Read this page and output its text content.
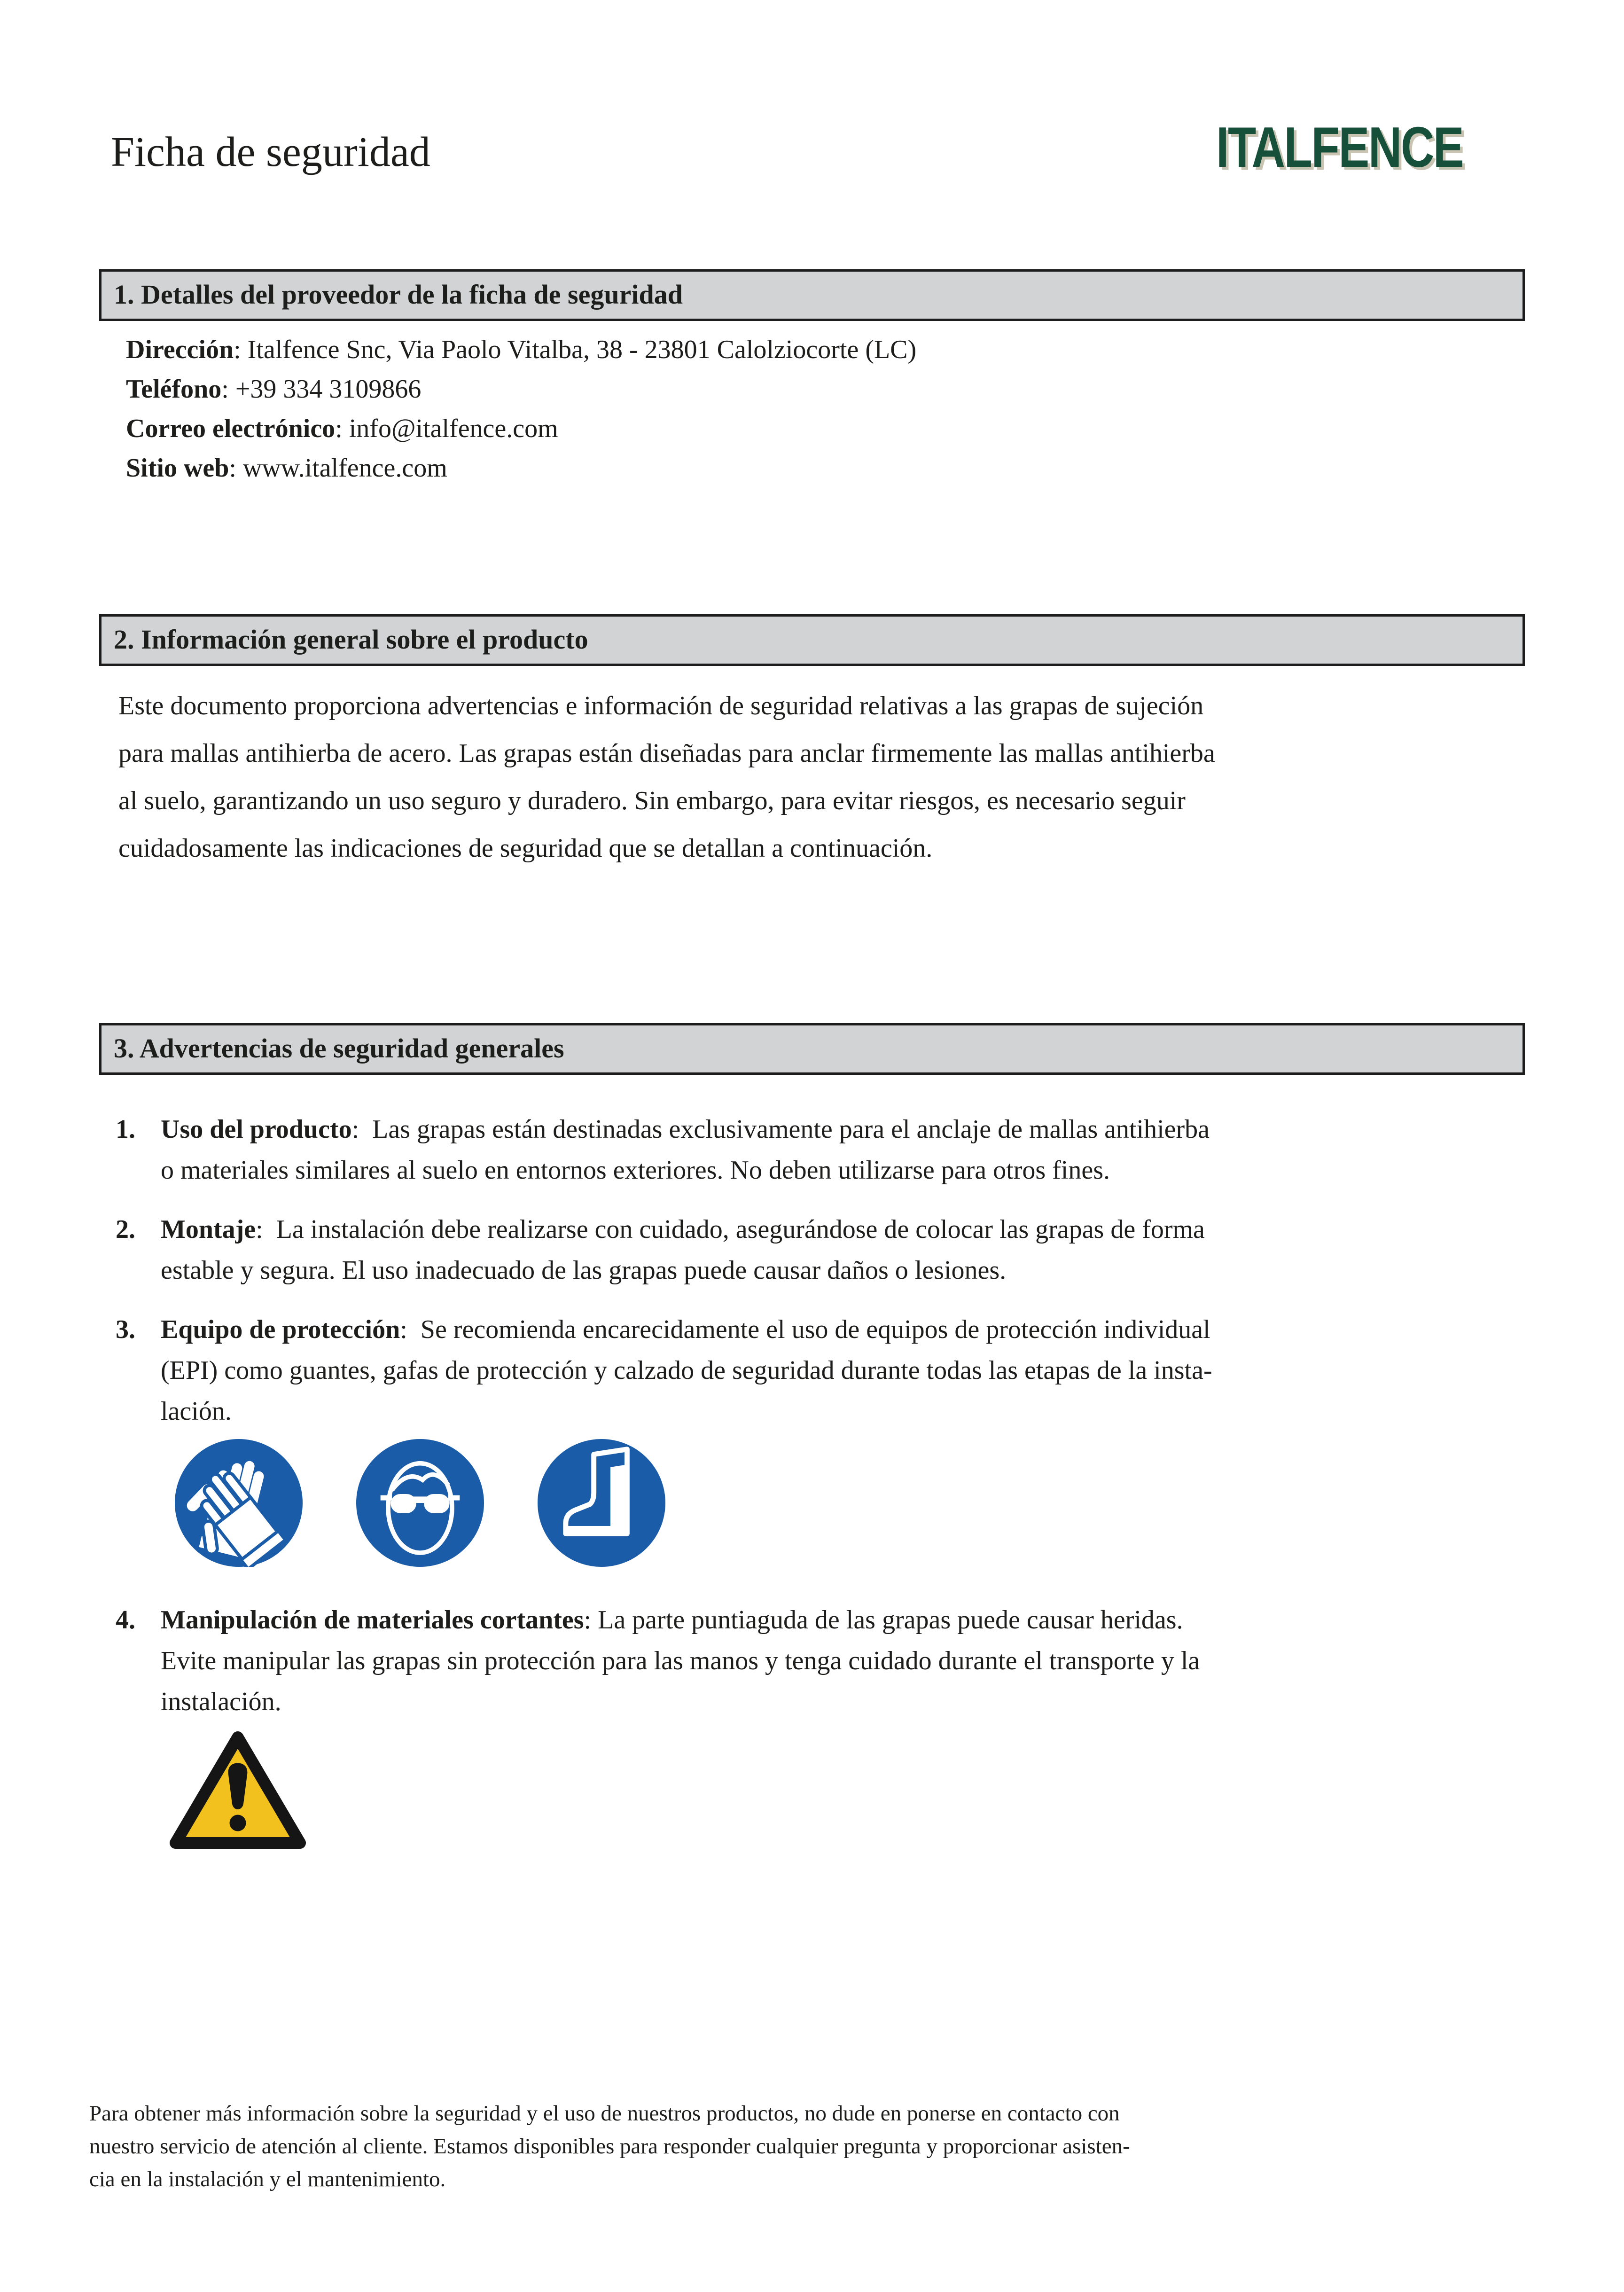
Ficha de seguridad	ITALFENCE
1. Detalles del proveedor de la ficha de seguridad
Dirección: Italfence Snc, Via Paolo Vitalba, 38 - 23801 Calolziocorte (LC)
Teléfono: +39 334 3109866
Correo electrónico: info@italfence.com
Sitio web: www.italfence.com
2. Información general sobre el producto
Este documento proporciona advertencias e información de seguridad relativas a las grapas de sujeción
para mallas antihierba de acero. Las grapas están diseñadas para anclar firmemente las mallas antihierba
al suelo, garantizando un uso seguro y duradero. Sin embargo, para evitar riesgos, es necesario seguir
cuidadosamente las indicaciones de seguridad que se detallan a continuación.
3. Advertencias de seguridad generales
1. Uso del producto:  Las grapas están destinadas exclusivamente para el anclaje de mallas antihierba
o materiales similares al suelo en entornos exteriores. No deben utilizarse para otros fines.
2. Montaje:  La instalación debe realizarse con cuidado, asegurándose de colocar las grapas de forma
estable y segura. El uso inadecuado de las grapas puede causar daños o lesiones.
3. Equipo de protección:  Se recomienda encarecidamente el uso de equipos de protección individual
(EPI) como guantes, gafas de protección y calzado de seguridad durante todas las etapas de la insta-
lación.
4. Manipulación de materiales cortantes: La parte puntiaguda de las grapas puede causar heridas.
Evite manipular las grapas sin protección para las manos y tenga cuidado durante el transporte y la
instalación.
Para obtener más información sobre la seguridad y el uso de nuestros productos, no dude en ponerse en contacto con
nuestro servicio de atención al cliente. Estamos disponibles para responder cualquier pregunta y proporcionar asisten-
cia en la instalación y el mantenimiento.
